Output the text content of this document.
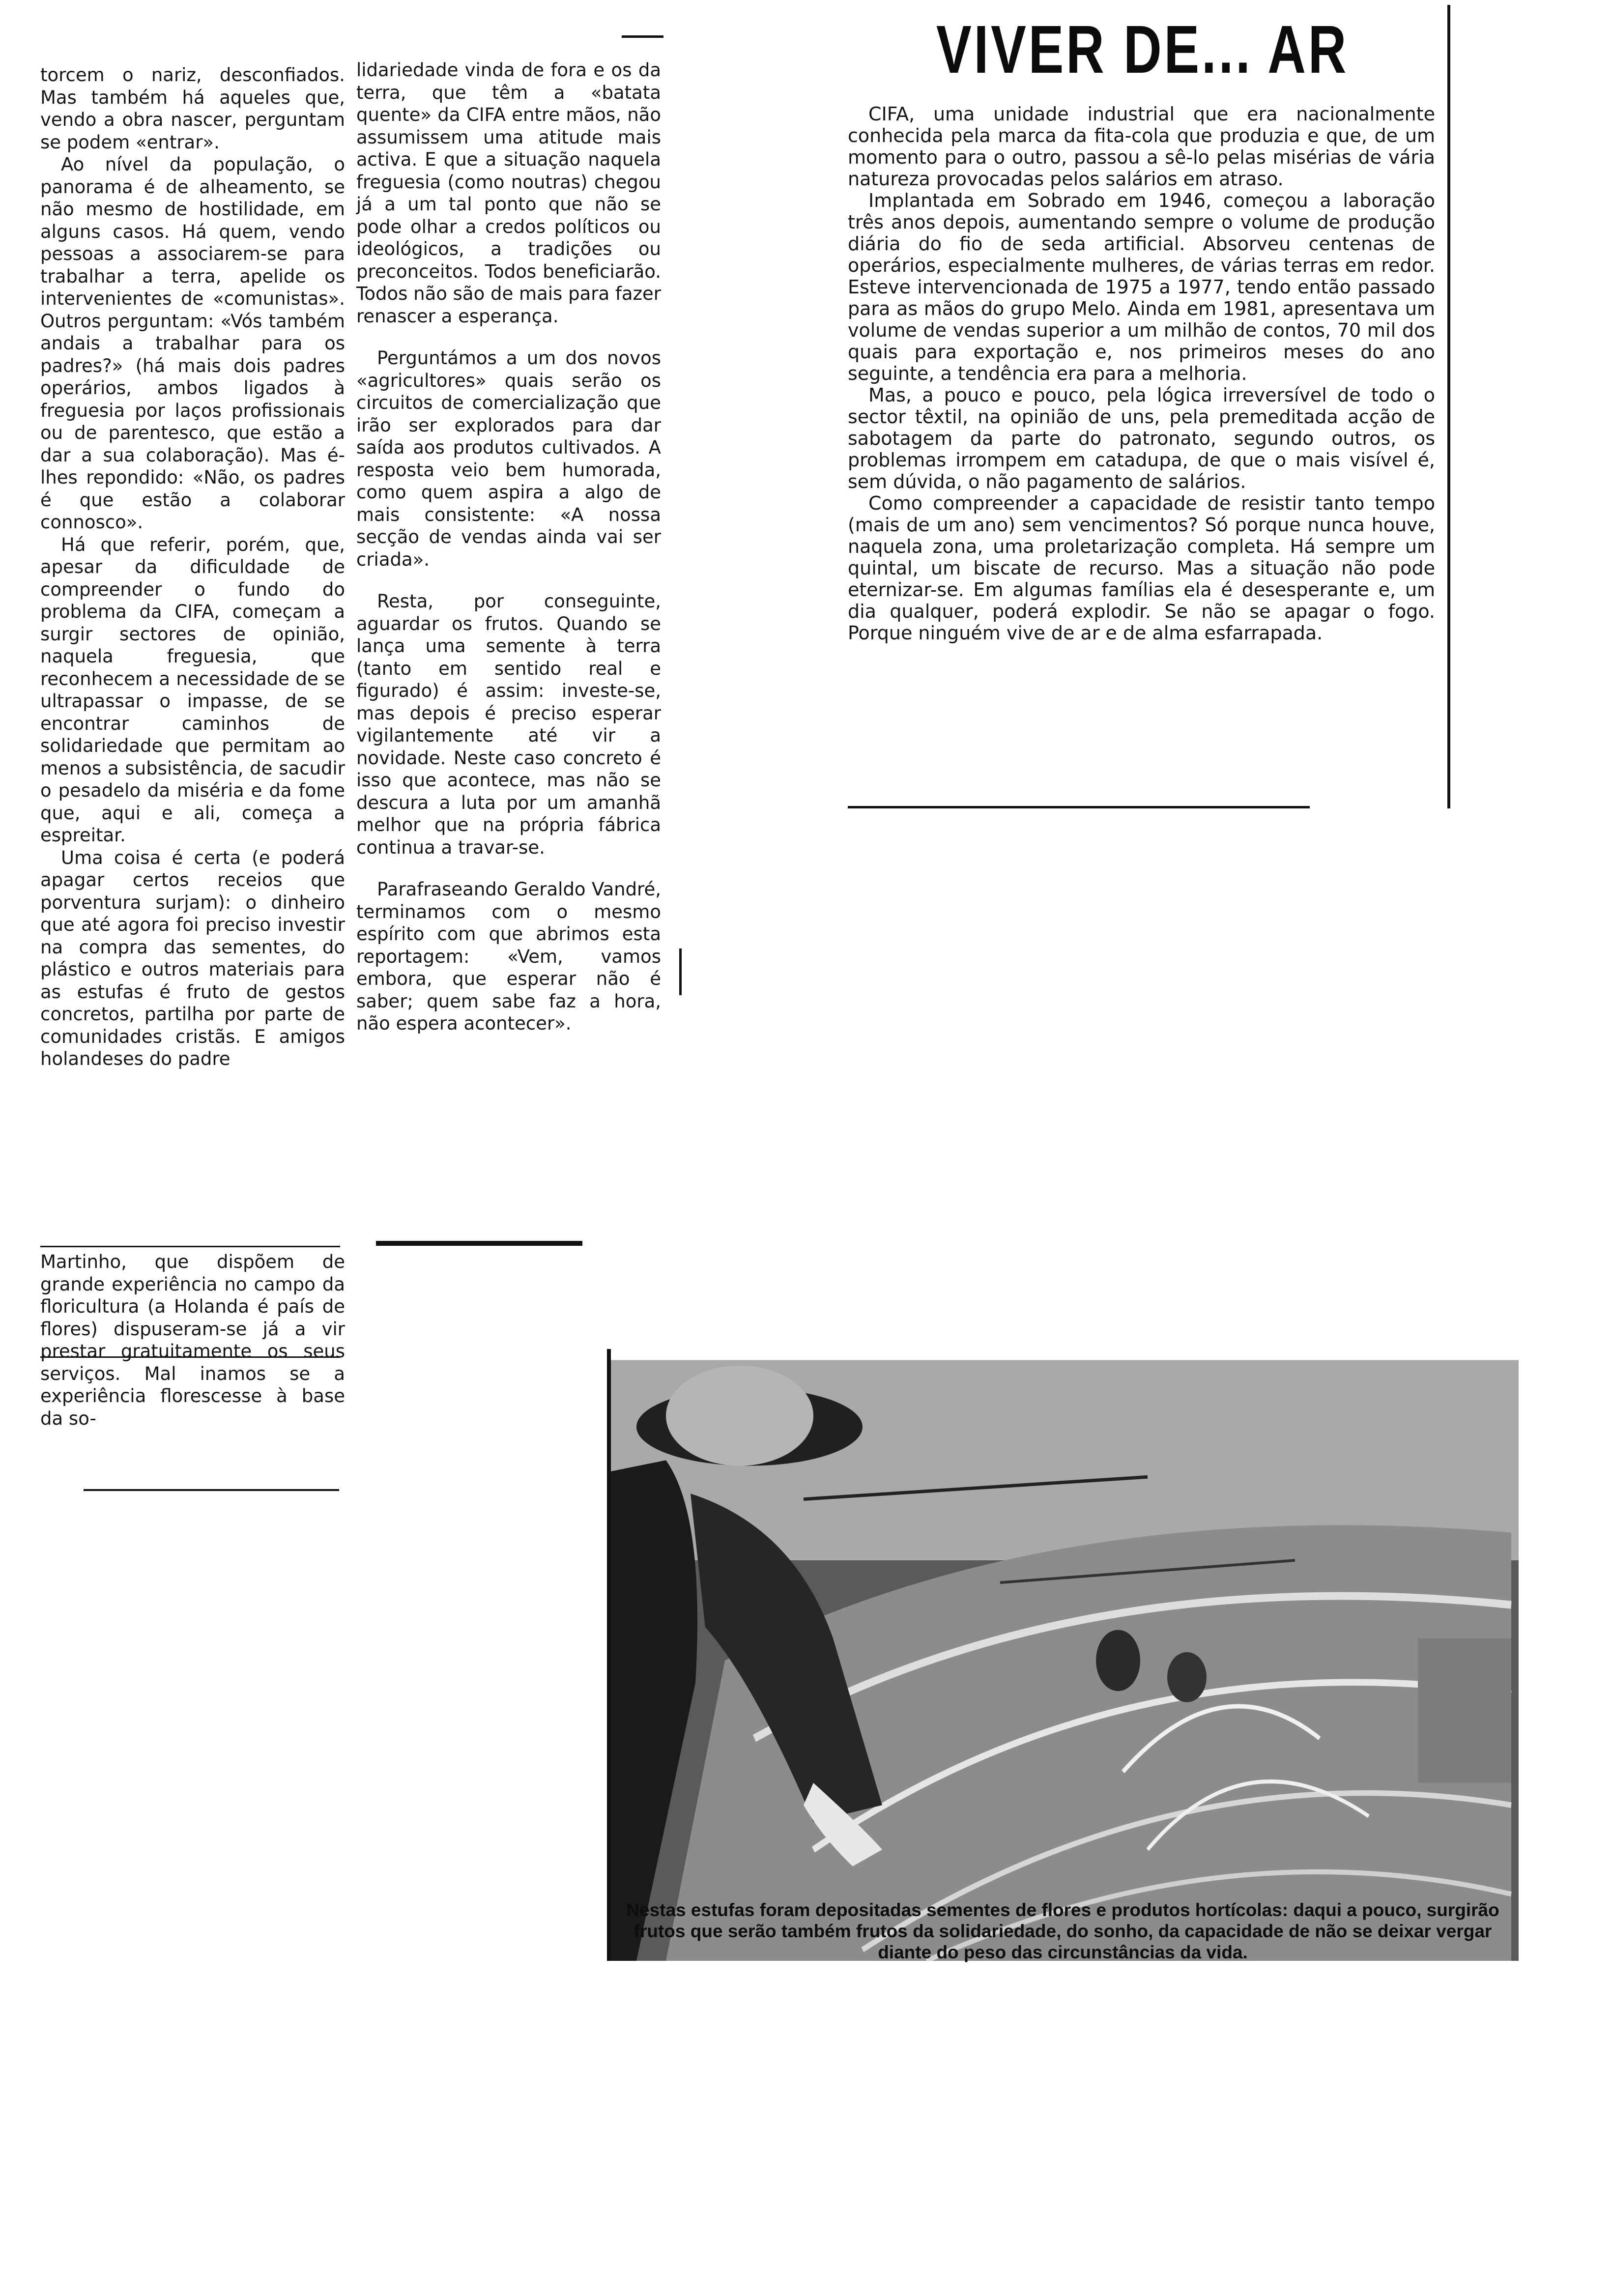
VIVER DE... AR

torcem o nariz, desconfiados. Mas também há aqueles que, vendo a obra nascer, perguntam se podem «entrar».

Ao nível da população, o panorama é de alheamento, se não mesmo de hostilidade, em alguns casos. Há quem, vendo pessoas a associarem-se para trabalhar a terra, apelide os intervenientes de «comunistas». Outros perguntam: «Vós também andais a trabalhar para os padres?» (há mais dois padres operários, ambos ligados à freguesia por laços profissionais ou de parentesco, que estão a dar a sua colaboração). Mas é-lhes repondido: «Não, os padres é que estão a colaborar connosco».

Há que referir, porém, que, apesar da dificuldade de compreender o fundo do problema da CIFA, começam a surgir sectores de opinião, naquela freguesia, que reconhecem a necessidade de se ultrapassar o impasse, de se encontrar caminhos de solidariedade que permitam ao menos a subsistência, de sacudir o pesadelo da miséria e da fome que, aqui e ali, começa a espreitar.

Uma coisa é certa (e poderá apagar certos receios que porventura surjam): o dinheiro que até agora foi preciso investir na compra das sementes, do plástico e outros materiais para as estufas é fruto de gestos concretos, partilha por parte de comunidades cristãs. E amigos holandeses do padre

Martinho, que dispõem de grande experiência no campo da floricultura (a Holanda é país de flores) dispuseram-se já a vir prestar gratuitamente os seus serviços. Mal inamos se a experiência florescesse à base da so-

lidariedade vinda de fora e os da terra, que têm a «batata quente» da CIFA entre mãos, não assumissem uma atitude mais activa. E que a situação naquela freguesia (como noutras) chegou já a um tal ponto que não se pode olhar a credos políticos ou ideológicos, a tradições ou preconceitos. Todos beneficiarão. Todos não são de mais para fazer renascer a esperança.

Perguntámos a um dos novos «agricultores» quais serão os circuitos de comercialização que irão ser explorados para dar saída aos produtos cultivados. A resposta veio bem humorada, como quem aspira a algo de mais consistente: «A nossa secção de vendas ainda vai ser criada».

Resta, por conseguinte, aguardar os frutos. Quando se lança uma semente à terra (tanto em sentido real e figurado) é assim: investe-se, mas depois é preciso esperar vigilantemente até vir a novidade. Neste caso concreto é isso que acontece, mas não se descura a luta por um amanhã melhor que na própria fábrica continua a travar-se.

Parafraseando Geraldo Vandré, terminamos com o mesmo espírito com que abrimos esta reportagem: «Vem, vamos embora, que esperar não é saber; quem sabe faz a hora, não espera acontecer».

CIFA, uma unidade industrial que era nacionalmente conhecida pela marca da fita-cola que produzia e que, de um momento para o outro, passou a sê-lo pelas misérias de vária natureza provocadas pelos salários em atraso.

Implantada em Sobrado em 1946, começou a laboração três anos depois, aumentando sempre o volume de produção diária do fio de seda artificial. Absorveu centenas de operários, especialmente mulheres, de várias terras em redor. Esteve intervencionada de 1975 a 1977, tendo então passado para as mãos do grupo Melo. Ainda em 1981, apresentava um volume de vendas superior a um milhão de contos, 70 mil dos quais para exportação e, nos primeiros meses do ano seguinte, a tendência era para a melhoria.

Mas, a pouco e pouco, pela lógica irreversível de todo o sector têxtil, na opinião de uns, pela premeditada acção de sabotagem da parte do patronato, segundo outros, os problemas irrompem em catadupa, de que o mais visível é, sem dúvida, o não pagamento de salários.

Como compreender a capacidade de resistir tanto tempo (mais de um ano) sem vencimentos? Só porque nunca houve, naquela zona, uma proletarização completa. Há sempre um quintal, um biscate de recurso. Mas a situação não pode eternizar-se. Em algumas famílias ela é desesperante e, um dia qualquer, poderá explodir. Se não se apagar o fogo. Porque ninguém vive de ar e de alma esfarrapada.

Nestas estufas foram depositadas sementes de flores e produtos hortícolas: daqui a pouco, surgirão frutos que serão também frutos da solidariedade, do sonho, da capacidade de não se deixar vergar diante do peso das circunstâncias da vida.
